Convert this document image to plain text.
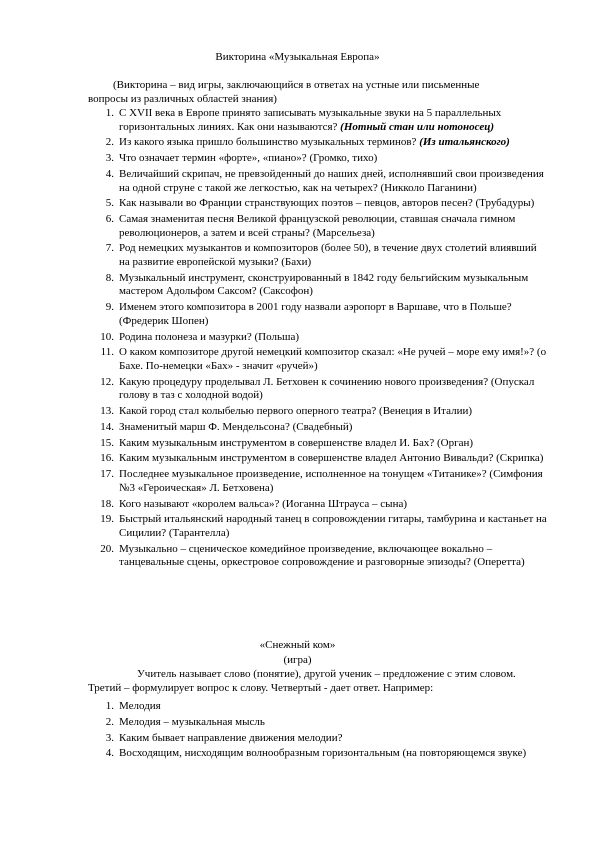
Викторина «Музыкальная Европа»
(Викторина – вид игры, заключающийся в ответах на устные или письменные
вопросы из различных областей знания)
1. С XVII века в Европе принято записывать музыкальные звуки на 5 параллельных горизонтальных линиях. Как они называются? (Нотный стан или нотоносец)
2. Из какого языка пришло большинство музыкальных терминов? (Из итальянского)
3. Что означает термин «форте», «пиано»? (Громко, тихо)
4. Величайший скрипач, не превзойденный до наших дней, исполнявший свои произведения на одной струне с такой же легкостью, как на четырех? (Никколо Паганини)
5. Как называли во Франции странствующих поэтов – певцов, авторов песен? (Трубадуры)
6. Самая знаменитая песня Великой французской революции, ставшая сначала гимном революционеров, а затем и всей страны? (Марсельеза)
7. Род немецких музыкантов и композиторов (более 50), в течение двух столетий влиявший на развитие европейской музыки? (Бахи)
8. Музыкальный инструмент, сконструированный в 1842 году бельгийским музыкальным мастером Адольфом Саксом? (Саксофон)
9. Именем этого композитора в 2001 году назвали аэропорт в Варшаве, что в Польше? (Фредерик Шопен)
10. Родина полонеза и мазурки? (Польша)
11. О каком композиторе другой немецкий композитор сказал: «Не ручей – море ему имя!»? (о Бахе. По-немецки «Бах» - значит «ручей»)
12. Какую процедуру проделывал Л. Бетховен к сочинению нового произведения? (Опускал голову в таз с холодной водой)
13. Какой город стал колыбелью первого оперного театра? (Венеция в Италии)
14. Знаменитый марш Ф. Мендельсона? (Свадебный)
15. Каким музыкальным инструментом в совершенстве владел И. Бах? (Орган)
16. Каким музыкальным инструментом в совершенстве владел Антонио Вивальди? (Скрипка)
17. Последнее музыкальное произведение, исполненное на тонущем «Титанике»? (Симфония №3 «Героическая» Л. Бетховена)
18. Кого называют «королем вальса»? (Иоганна Штрауса – сына)
19. Быстрый итальянский народный танец в сопровождении гитары, тамбурина и кастаньет на Сицилии? (Тарантелла)
20. Музыкально – сценическое комедийное произведение, включающее вокально – танцевальные сцены, оркестровое сопровождение и разговорные эпизоды? (Оперетта)
«Снежный ком»
(игра)
Учитель называет слово (понятие), другой ученик – предложение с этим словом.
Третий – формулирует вопрос к слову. Четвертый - дает ответ. Например:
1. Мелодия
2. Мелодия – музыкальная мысль
3. Каким бывает направление движения мелодии?
4. Восходящим, нисходящим волнообразным горизонтальным (на повторяющемся звуке)
